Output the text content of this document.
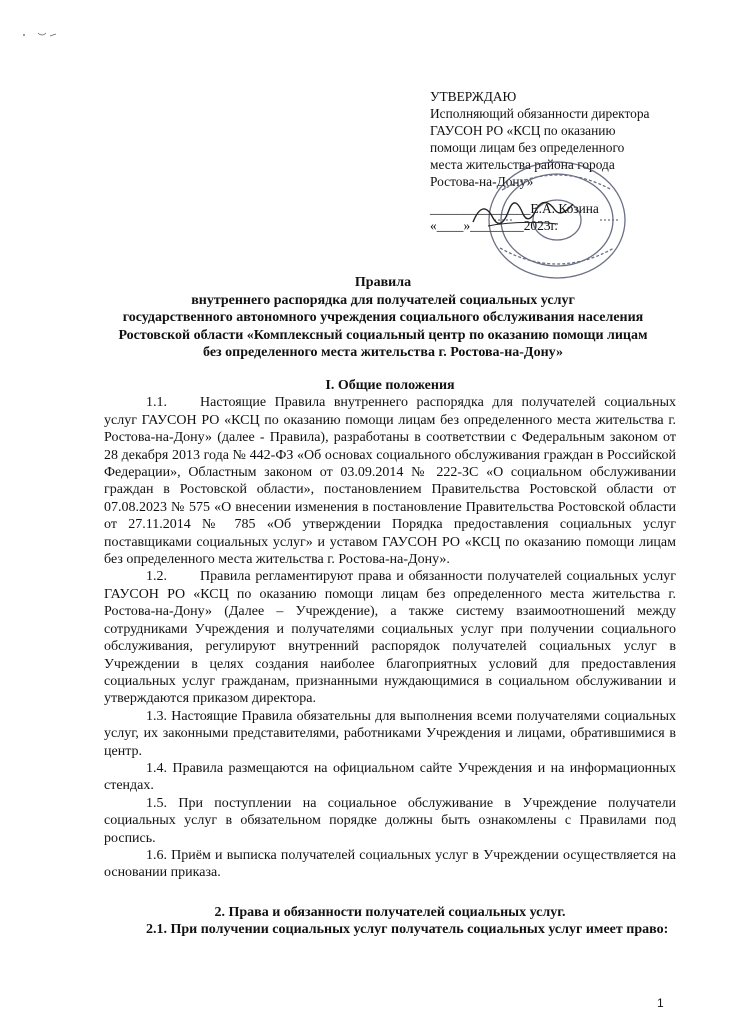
УТВЕРЖДАЮ
Исполняющий обязанности директора
ГАУСОН РО «КСЦ по оказанию
помощи лицам без определенного
места жительства района города
Ростова-на-Дону»
_______________Е.А. Козина
«____»________2023г.
Правила
внутреннего распорядка для получателей социальных услуг
государственного автономного учреждения социального обслуживания населения
Ростовской области «Комплексный социальный центр по оказанию помощи лицам
без определенного места жительства г. Ростова-на-Дону»

I. Общие положения

1.1. Настоящие Правила внутреннего распорядка для получателей социальных услуг ГАУСОН РО «КСЦ по оказанию помощи лицам без определенного места жительства г. Ростова-на-Дону» (далее - Правила), разработаны в соответствии с Федеральным законом от 28 декабря 2013 года № 442-ФЗ «Об основах социального обслуживания граждан в Российской Федерации», Областным законом от 03.09.2014 № 222-ЗС «О социальном обслуживании граждан в Ростовской области», постановлением Правительства Ростовской области от 07.08.2023 № 575 «О внесении изменения в постановление Правительства Ростовской области от 27.11.2014 № 785 «Об утверждении Порядка предоставления социальных услуг поставщиками социальных услуг» и уставом ГАУСОН РО «КСЦ по оказанию помощи лицам без определенного места жительства г. Ростова-на-Дону».

1.2. Правила регламентируют права и обязанности получателей социальных услуг ГАУСОН РО «КСЦ по оказанию помощи лицам без определенного места жительства г. Ростова-на-Дону» (Далее – Учреждение), а также систему взаимоотношений между сотрудниками Учреждения и получателями социальных услуг при получении социального обслуживания, регулируют внутренний распорядок получателей социальных услуг в Учреждении в целях создания наиболее благоприятных условий для предоставления социальных услуг гражданам, признанными нуждающимися в социальном обслуживании и утверждаются приказом директора.

1.3. Настоящие Правила обязательны для выполнения всеми получателями социальных услуг, их законными представителями, работниками Учреждения и лицами, обратившимися в центр.

1.4. Правила размещаются на официальном сайте Учреждения и на информационных стендах.

1.5. При поступлении на социальное обслуживание в Учреждение получатели социальных услуг в обязательном порядке должны быть ознакомлены с Правилами под роспись.

1.6. Приём и выписка получателей социальных услуг в Учреждении осуществляется на основании приказа.

2. Права и обязанности получателей социальных услуг.

2.1. При получении социальных услуг получатель социальных услуг имеет право:

1
